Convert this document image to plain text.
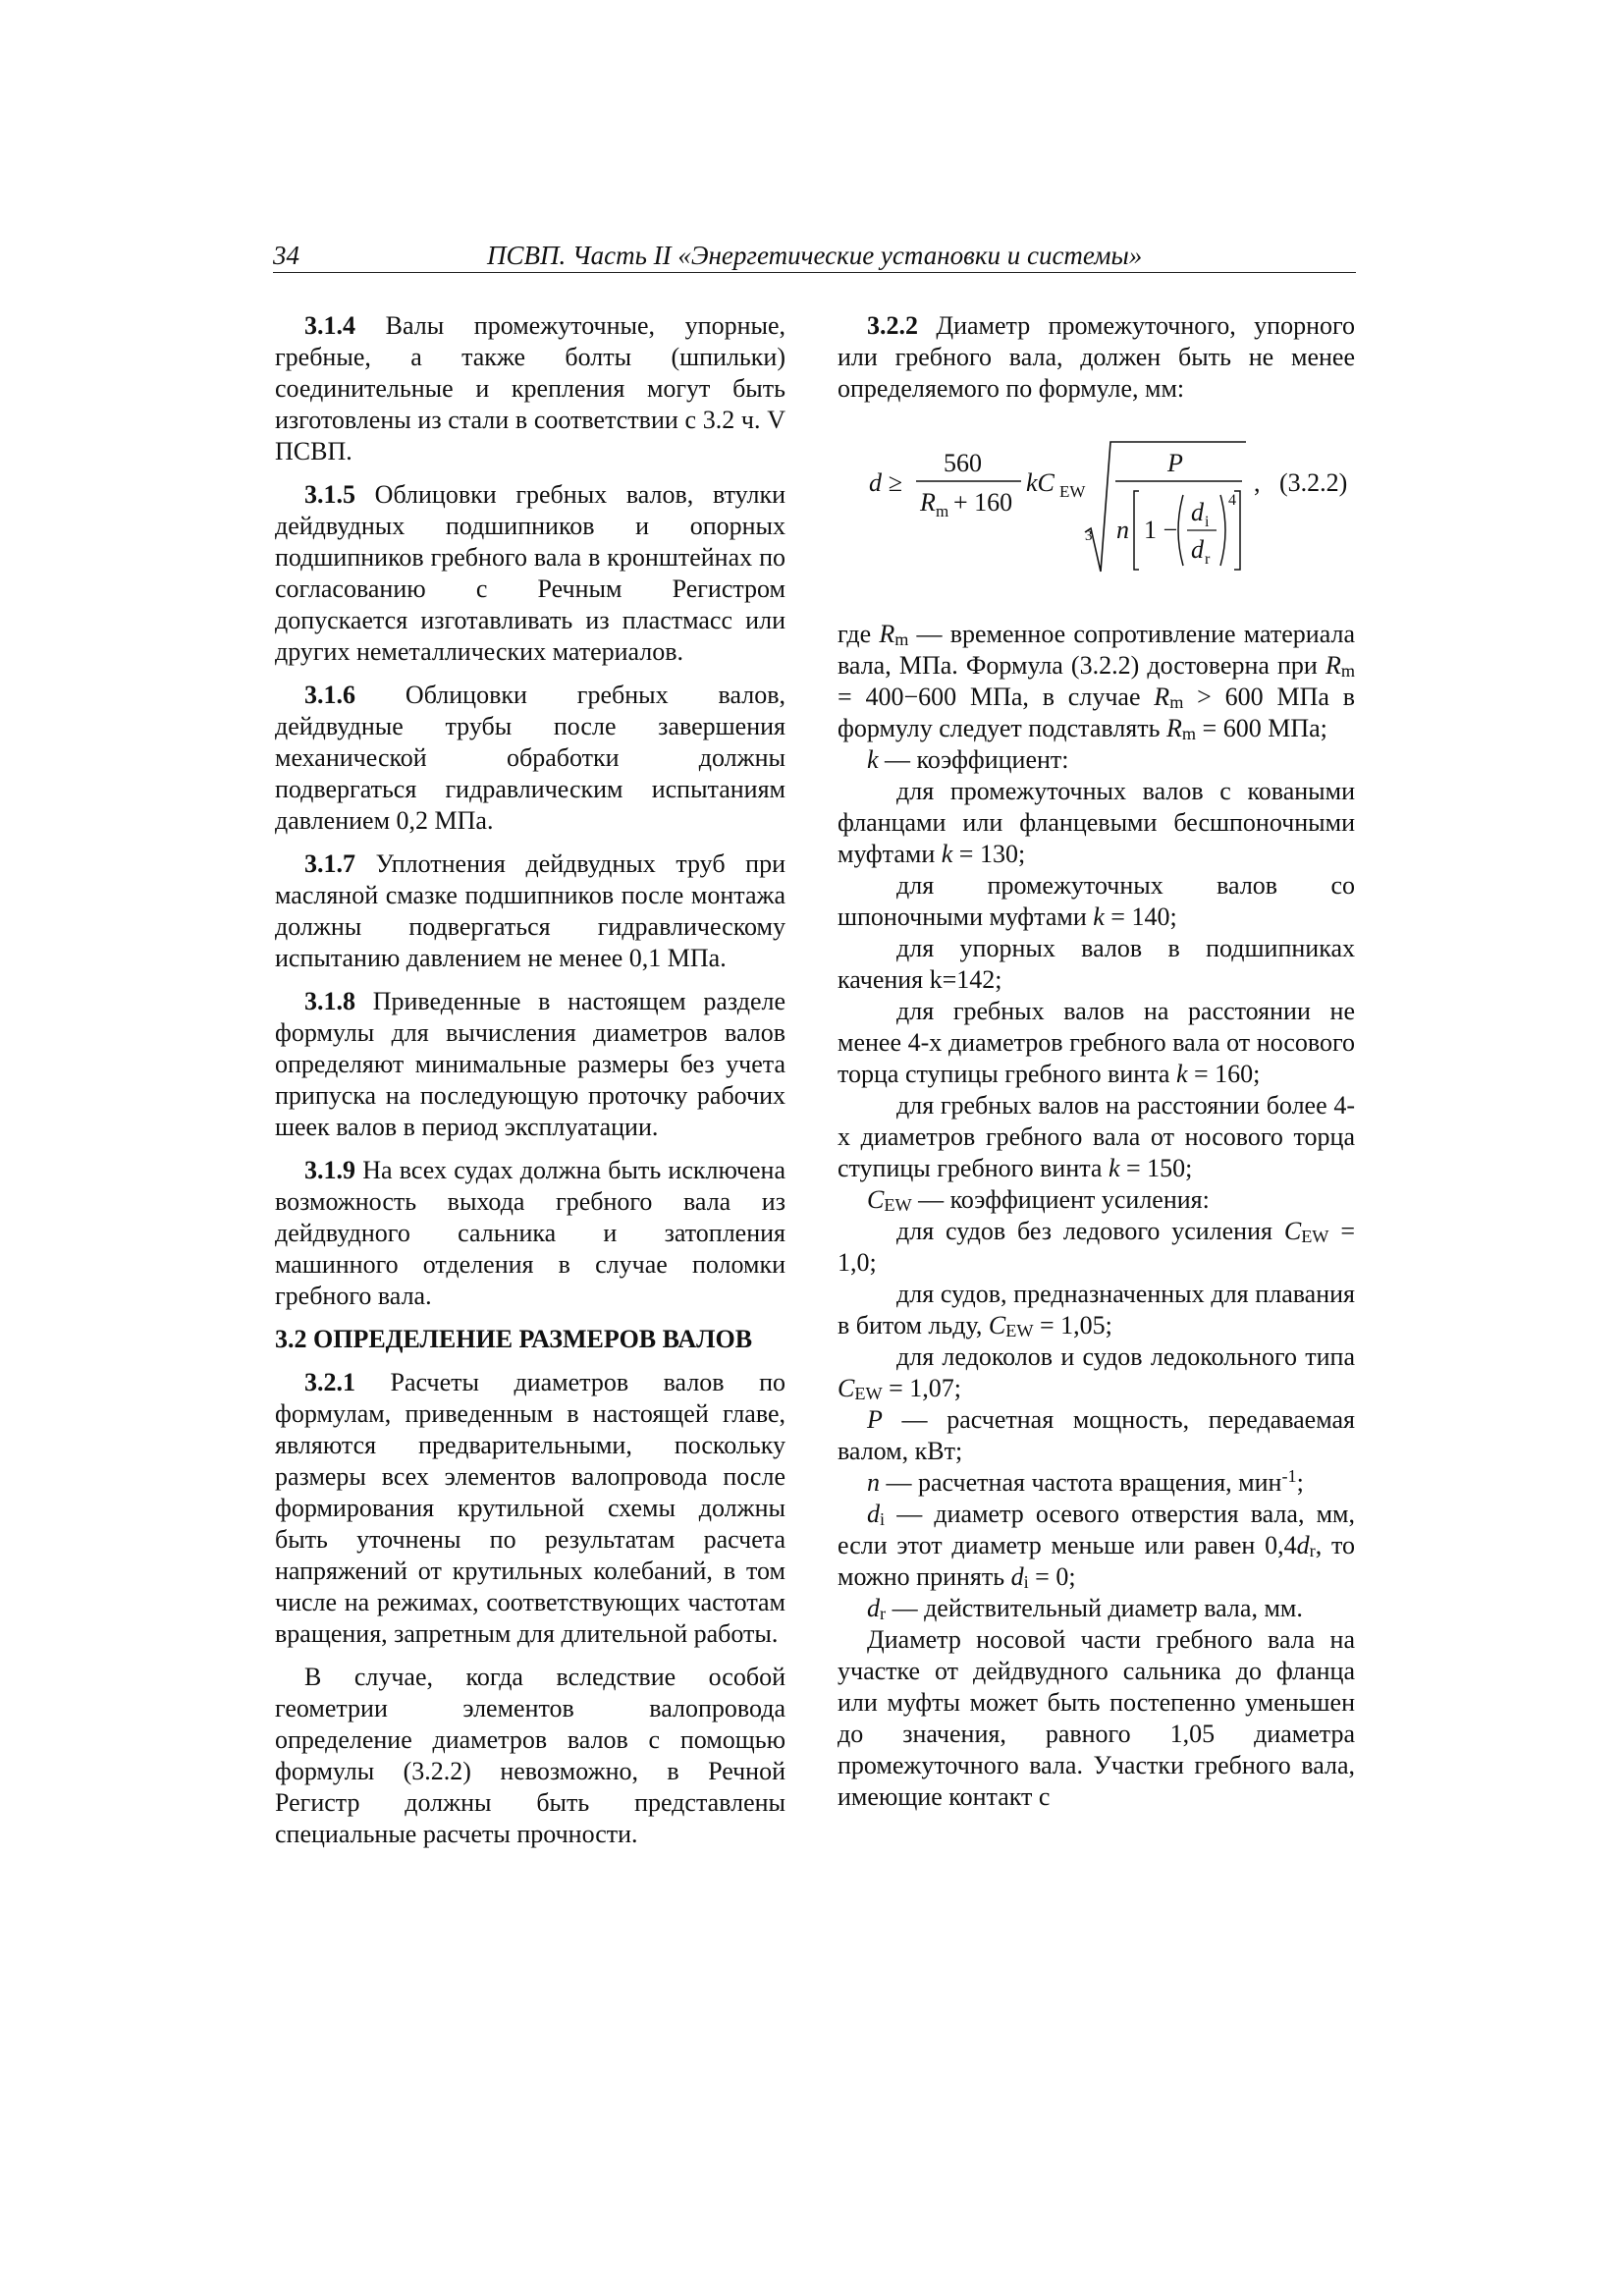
34	ПСВП. Часть II «Энергетические установки и системы»

3.1.4 Валы промежуточные, упорные, гребные, а также болты (шпильки) соединительные и крепления могут быть изготовлены из стали в соответствии с 3.2 ч. V ПСВП.

3.1.5 Облицовки гребных валов, втулки дейдвудных подшипников и опорных подшипников гребного вала в кронштейнах по согласованию с Речным Регистром допускается изготавливать из пластмасс или других неметаллических материалов.

3.1.6 Облицовки гребных валов, дейдвудные трубы после завершения механической обработки должны подвергаться гидравлическим испытаниям давлением 0,2 МПа.

3.1.7 Уплотнения дейдвудных труб при масляной смазке подшипников после монтажа должны подвергаться гидравлическому испытанию давлением не менее 0,1 МПа.

3.1.8 Приведенные в настоящем разделе формулы для вычисления диаметров валов определяют минимальные размеры без учета припуска на последующую проточку рабочих шеек валов в период эксплуатации.

3.1.9 На всех судах должна быть исключена возможность выхода гребного вала из дейдвудного сальника и затопления машинного отделения в случае поломки гребного вала.

3.2 ОПРЕДЕЛЕНИЕ РАЗМЕРОВ ВАЛОВ

3.2.1 Расчеты диаметров валов по формулам, приведенным в настоящей главе, являются предварительными, поскольку размеры всех элементов валопровода после формирования крутильной схемы должны быть уточнены по результатам расчета напряжений от крутильных колебаний, в том числе на режимах, соответствующих частотам вращения, запретным для длительной работы.

В случае, когда вследствие особой геометрии элементов валопровода определение диаметров валов с помощью формулы (3.2.2) невозможно, в Речной Регистр должны быть представлены специальные расчеты прочности.

3.2.2 Диаметр промежуточного, упорного или гребного вала, должен быть не менее определяемого по формуле, мм:

d ≥
560
R m + 160
kC EW
3
P
n 1 −
d i
d r
4
, (3.2.2)

где $R_m$ — временное сопротивление материала вала, МПа. Формула (3.2.2) достоверна при $R_m = 400-600$ МПа, в случае $R_m > 600$ МПа в формулу следует подставлять $R_m = 600$ МПа;

k — коэффициент:

для промежуточных валов с коваными фланцами или фланцевыми бесшпоночными муфтами k = 130;

для промежуточных валов со шпоночными муфтами k = 140;

для упорных валов в подшипниках качения k=142;

для гребных валов на расстоянии не менее 4-х диаметров гребного вала от носового торца ступицы гребного винта k = 160;

для гребных валов на расстоянии более 4-х диаметров гребного вала от носового торца ступицы гребного винта k = 150;

$C_{EW}$ — коэффициент усиления:

для судов без ледового усиления $C_{EW} = 1,0$;

для судов, предназначенных для плавания в битом льду, $C_{EW} = 1,05$;

для ледоколов и судов ледокольного типа $C_{EW} = 1,07$;

P — расчетная мощность, передаваемая валом, кВт;

n — расчетная частота вращения, мин$^{-1}$;

$d_i$ — диаметр осевого отверстия вала, мм, если этот диаметр меньше или равен $0,4d_r$, то можно принять $d_i = 0$;

$d_r$ — действительный диаметр вала, мм.

Диаметр носовой части гребного вала на участке от дейдвудного сальника до фланца или муфты может быть постепенно уменьшен до значения, равного 1,05 диаметра промежуточного вала. Участки гребного вала, имеющие контакт с
